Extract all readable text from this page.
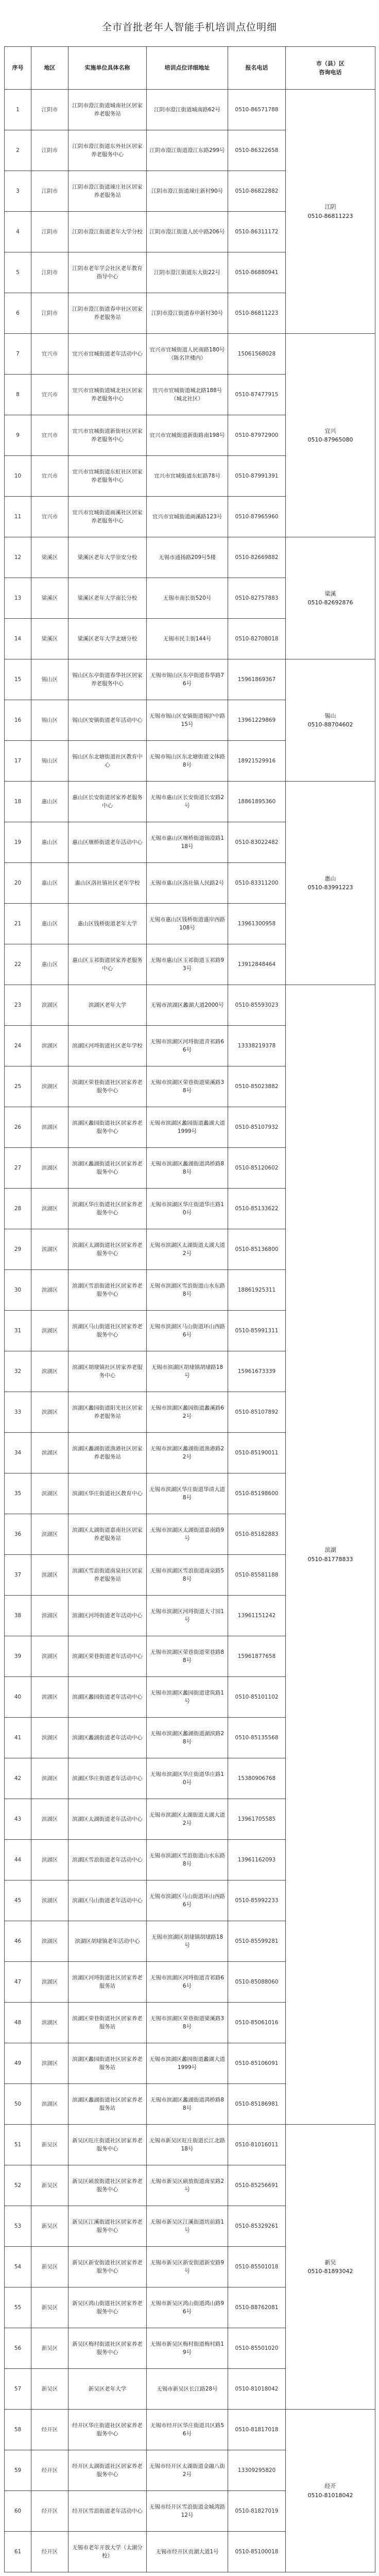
全市首批老年人智能手机培训点位明细
序号	地区	实施单位具体名称	培训点位详细地址	报名电话	市（县）区
咨询电话

1	江阴市	江阴市澄江街道城南社区居家养老服务站	江阴市澄江街道城南路62号	0510-86571788	江阴
0510-86811223

2	江阴市	江阴市澄江街道东外社区居家养老服务中心	江阴市澄江街道澄江东路299号	0510-86322658	
3	江阴市	江阴市澄江街道竦庄社区居家养老服务站	江阴市澄江街道竦庄新村90号	0510-86822882	
4	江阴市	江阴市澄江街道老年大学分校	江阴市澄江街道人民中路206号	0510-86311172	
5	江阴市	江阴市老年学会社区老年教育指导中心	江阴市澄江街道东大街22号	0510-86880941	
6	江阴市	江阴市澄江街道春申社区居家养老服务站	江阴市澄江街道春申新村30号	0510-86811223	
7	宜兴市	宜兴市宜城街道老年活动中心	宜兴市宜城街道人民南路180号（陈名世楼内）	15061568028	宜兴
0510-87965080

8	宜兴市	宜兴市宜城街道城北社区居家养老服务中心	宜兴市宜城街道城北路188号（城北社区）	0510-87477915	
9	宜兴市	宜兴市宜城街道新街社区居家养老服务中心	宜兴市宜城街道新街路南198号	0510-87972900	
10	宜兴市	宜兴市宜城街道东虹社区居家养老服务中心	宜兴市宜城街道东虹路78号	0510-87991391	
11	宜兴市	宜兴市宜城街道画溪社区居家养老服务中心	宜兴市宜城街道画溪路123号	0510-87965960	
12	梁溪区	梁溪区老年大学崇安分校	无锡市通扬路209号5楼	0510-82669882	梁溪
0510-82692876

13	梁溪区	梁溪区老年大学南长分校	无锡市南长街520号	0510-82757883	
14	梁溪区	梁溪区老年大学北塘分校	无锡市民主街144号	0510-82708018	
15	锡山区	锡山区东亭街道春华社区居家养老服务中心	无锡市锡山区东亭街道春华路76号	15961869367	锡山
0510-88704602

16	锡山区	锡山区安镇街道老年活动中心	无锡市锡山区安镇街道锡沪中路15号	13961229869	
17	锡山区	锡山区东北塘街道社区教育中心	无锡市锡山区东北塘街道文体路8号	18921529916	
18	惠山区	惠山区长安街道居家养老服务中心	无锡市惠山区长安街道长安路2号	18861895360	惠山
0510-83991223

19	惠山区	惠山区堰桥街道老年活动中心	无锡市惠山区堰桥街道锡澄路118号	0510-83022482	
20	惠山区	惠山区洛社镇社区老年学校	无锡市惠山区洛社镇人民路2号	0510-83311200	
21	惠山区	惠山区钱桥街道老年大学	无锡市惠山区钱桥街道盛岸西路108号	13961300958	
22	惠山区	惠山区玉祁街道居家养老服务中心	无锡市惠山区玉祁街道玉祁路93号	13912848464	
23	滨湖区	滨湖区老年大学	无锡市滨湖区蠡湖大道2000号	0510-85593023	滨湖
0510-81778833

24	滨湖区	滨湖区河埒街道社区老年学校	无锡市滨湖区河埒街道青祁路66号	13338219378	
25	滨湖区	滨湖区荣巷街道社区居家养老服务中心	无锡市滨湖区荣巷街道梁溪路38号	0510-85023882	
26	滨湖区	滨湖区蠡园街道社区居家养老服务中心	无锡市滨湖区蠡园街道蠡湖大道1999号	0510-85107932	
27	滨湖区	滨湖区蠡湖街道社区居家养老服务中心	无锡市滨湖区蠡湖街道鸿桥路88号	0510-85120602	
28	滨湖区	滨湖区华庄街道社区居家养老服务中心	无锡市滨湖区华庄街道华庄路10号	0510-85133622	
29	滨湖区	滨湖区太湖街道社区居家养老服务中心	无锡市滨湖区太湖街道太湖大道2号	0510-85136800	
30	滨湖区	滨湖区雪浪街道社区居家养老服务中心	无锡市滨湖区雪浪街道山水东路8号	18861925311	
31	滨湖区	滨湖区马山街道社区居家养老服务中心	无锡市滨湖区马山街道环山西路6号	0510-85991311	
32	滨湖区	滨湖区胡埭镇社区居家养老服务中心	无锡市滨湖区胡埭镇胡埭路18号	15961673339	
33	滨湖区	滨湖区蠡园街道阳光社区居家养老服务站	无锡市滨湖区蠡园街道蠡溪路62号	0510-85107892	
34	滨湖区	滨湖区蠡湖街道渔港社区居家养老服务站	无锡市滨湖区蠡湖街道渔港路22号	0510-85190011	
35	滨湖区	滨湖区华庄街道社区教育中心	无锡市滨湖区华庄街道华清大道8号	0510-85198600	
36	滨湖区	滨湖区太湖街道嘉南社区居家养老服务站	无锡市滨湖区太湖街道嘉南路9号	0510-85182883	
37	滨湖区	滨湖区雪浪街道南泉社区居家养老服务站	无锡市滨湖区雪浪街道南泉路58号	0510-85581188	
38	滨湖区	滨湖区河埒街道老年活动中心	无锡市滨湖区河埒街道大寸园1号	13961151242	
39	滨湖区	滨湖区荣巷街道老年活动中心	无锡市滨湖区荣巷街道荣巷路88号	15961877658	
40	滨湖区	滨湖区蠡园街道老年活动中心	无锡市滨湖区蠡园街道建筑路1号	0510-85101102	
41	滨湖区	滨湖区蠡湖街道老年活动中心	无锡市滨湖区蠡湖街道湖滨路28号	0510-85135568	
42	滨湖区	滨湖区华庄街道老年活动中心	无锡市滨湖区华庄街道华庄路10号	15380906768	
43	滨湖区	滨湖区太湖街道老年活动中心	无锡市滨湖区太湖街道太湖大道2号	13961705585	
44	滨湖区	滨湖区雪浪街道老年活动中心	无锡市滨湖区雪浪街道山水东路8号	13961162093	
45	滨湖区	滨湖区马山街道老年活动中心	无锡市滨湖区马山街道环山西路6号	0510-85992233	
46	滨湖区	滨湖区胡埭镇老年活动中心	无锡市滨湖区胡埭镇胡埭路18号	0510-85599281	
47	滨湖区	滨湖区河埒街道社区居家养老服务站	无锡市滨湖区河埒街道青祁路66号	0510-85088060	
48	滨湖区	滨湖区荣巷街道社区居家养老服务站	无锡市滨湖区荣巷街道梁溪路38号	0510-85061016	
49	滨湖区	滨湖区蠡园街道社区居家养老服务站	无锡市滨湖区蠡园街道蠡湖大道1999号	0510-85106091	
50	滨湖区	滨湖区蠡湖街道社区居家养老服务站	无锡市滨湖区蠡湖街道鸿桥路88号	0510-85186981	
51	新吴区	新吴区旺庄街道社区居家养老服务中心	无锡市新吴区旺庄街道长江北路18号	0510-81016011	新吴
0510-81893042

52	新吴区	新吴区硕放街道社区居家养老服务中心	无锡市新吴区硕放街道南星路2号	0510-85256691	
53	新吴区	新吴区江溪街道社区居家养老服务中心	无锡市新吴区江溪街道坊前路1号	0510-85329261	
54	新吴区	新吴区新安街道社区居家养老服务中心	无锡市新吴区新安街道新安路9号	0510-85501018	
55	新吴区	新吴区鸿山街道社区居家养老服务中心	无锡市新吴区鸿山街道鸿山路96号	0510-88762081	
56	新吴区	新吴区梅村街道社区居家养老服务中心	无锡市新吴区梅村街道梅村路19号	0510-85501020	
57	新吴区	新吴区老年大学	无锡市新吴区长江路28号	0510-81018042	
58	经开区	经开区华庄街道社区居家养老服务中心	无锡市经开区华庄街道具区路56号	0510-81817018	经开
0510-81018042

59	经开区	经开区太湖街道社区居家养老服务中心	无锡市经开区太湖街道金融八街2号	13309295820	
60	经开区	经开区雪浪街道老年活动中心	无锡市经开区雪浪街道金城湾路12号	0510-81827019	
61	经开区	无锡市老年开放大学（太湖分校）	无锡市经开区贡湖大道1号	0510-85100018	
